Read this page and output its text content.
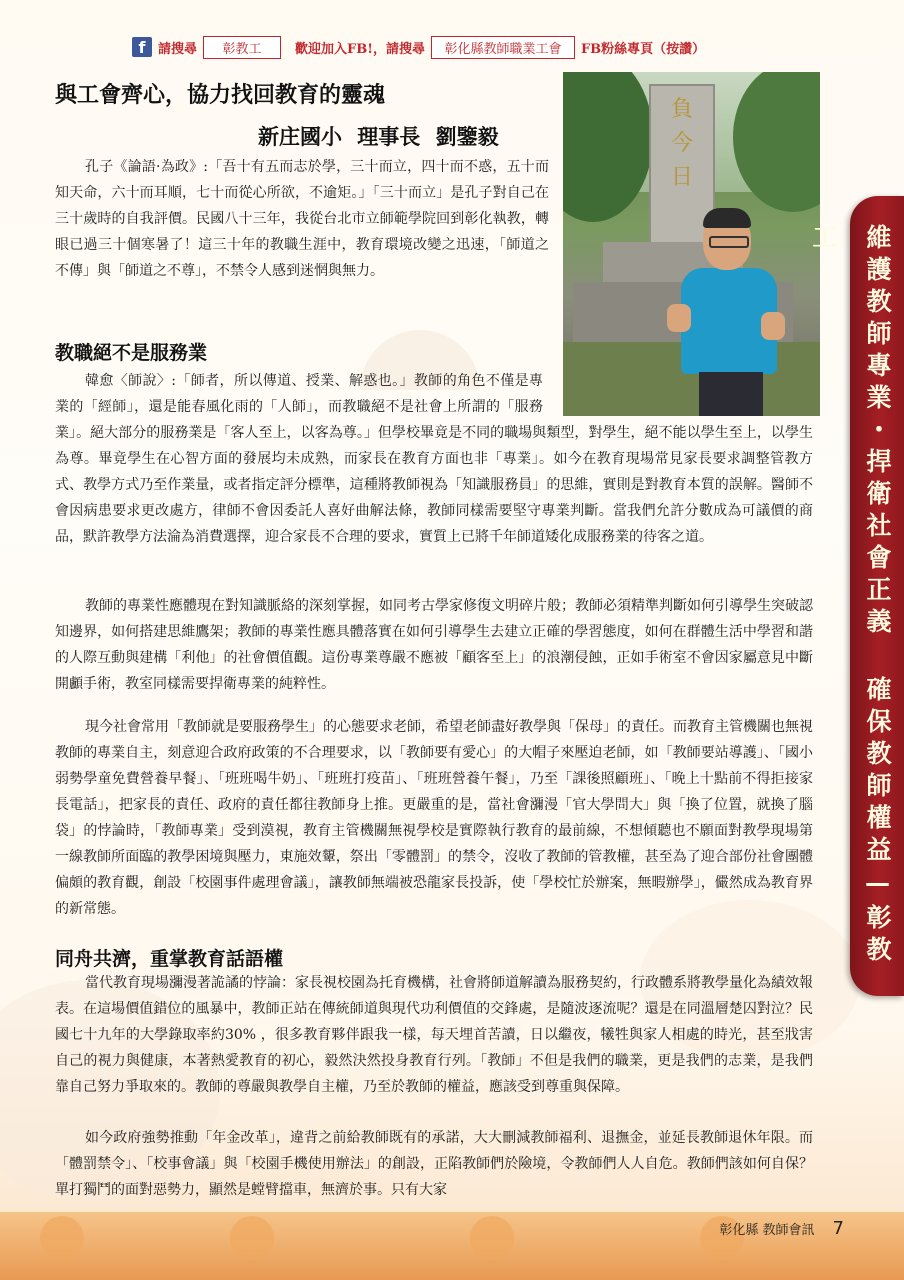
f 請搜尋	彰教工	歡迎加入FB!，請搜尋	彰化縣教師職業工會	FB粉絲專頁（按讚）
負
今
日
維護教師專業・捍衛社會正義 確保教師權益—彰教工
與工會齊心，協力找回教育的靈魂
新庄國小 理事長 劉鑒毅

孔子《論語·為政》:「吾十有五而志於學，三十而立，四十而不惑，五十而知天命，六十而耳順，七十而從心所欲，不逾矩。」「三十而立」是孔子對自己在三十歲時的自我評價。民國八十三年，我從台北市立師範學院回到彰化執教，轉眼已過三十個寒暑了！這三十年的教職生涯中，教育環境改變之迅速，「師道之不傳」與「師道之不尊」，不禁令人感到迷惘與無力。

教職絕不是服務業
韓愈〈師說〉:「師者，所以傳道、授業、解惑也。」教師的角色不僅是專業的「經師」，還是能春風化雨的「人師」，而教職絕不是社會上所謂的「服務業」。絕大部分的服務業是「客人至上，以客為尊。」但學校畢竟是不同的職場與類型，對學生，絕不能以學生至上，以學生為尊。畢竟學生在心智方面的發展均未成熟，而家長在教育方面也非「專業」。如今在教育現場常見家長要求調整管教方式、教學方式乃至作業量，或者指定評分標準，這種將教師視為「知識服務員」的思維，實則是對教育本質的誤解。醫師不會因病患要求更改處方，律師不會因委託人喜好曲解法條，教師同樣需要堅守專業判斷。當我們允許分數成為可議價的商品，默許教學方法淪為消費選擇，迎合家長不合理的要求，實質上已將千年師道矮化成服務業的待客之道。

教師的專業性應體現在對知識脈絡的深刻掌握，如同考古學家修復文明碎片般；教師必須精準判斷如何引導學生突破認知邊界，如何搭建思維鷹架；教師的專業性應具體落實在如何引導學生去建立正確的學習態度，如何在群體生活中學習和諧的人際互動與建構「利他」的社會價值觀。這份專業尊嚴不應被「顧客至上」的浪潮侵蝕，正如手術室不會因家屬意見中斷開顱手術，教室同樣需要捍衛專業的純粹性。

現今社會常用「教師就是要服務學生」的心態要求老師，希望老師盡好教學與「保母」的責任。而教育主管機關也無視教師的專業自主，刻意迎合政府政策的不合理要求，以「教師要有愛心」的大帽子來壓迫老師，如「教師要站導護」、「國小弱勢學童免費營養早餐」、「班班喝牛奶」、「班班打疫苗」、「班班營養午餐」，乃至「課後照顧班」、「晚上十點前不得拒接家長電話」，把家長的責任、政府的責任都往教師身上推。更嚴重的是，當社會瀰漫「官大學問大」與「換了位置，就換了腦袋」的悖論時，「教師專業」受到漠視，教育主管機關無視學校是實際執行教育的最前線，不想傾聽也不願面對教學現場第一線教師所面臨的教學困境與壓力，東施效顰，祭出「零體罰」的禁令，沒收了教師的管教權，甚至為了迎合部份社會團體偏頗的教育觀，創設「校園事件處理會議」，讓教師無端被恐龍家長投訴，使「學校忙於辦案，無暇辦學」，儼然成為教育界的新常態。

同舟共濟，重掌教育話語權

當代教育現場瀰漫著詭譎的悖論：家長視校園為托育機構，社會將師道解讀為服務契約，行政體系將教學量化為績效報表。在這場價值錯位的風暴中，教師正站在傳統師道與現代功利價值的交鋒處，是隨波逐流呢？還是在同溫層楚囚對泣？民國七十九年的大學錄取率約30% ，很多教育夥伴跟我一樣，每天埋首苦讀，日以繼夜，犧牲與家人相處的時光，甚至戕害自己的視力與健康，本著熱愛教育的初心，毅然決然投身教育行列。「教師」不但是我們的職業，更是我們的志業，是我們靠自己努力爭取來的。教師的尊嚴與教學自主權，乃至於教師的權益，應該受到尊重與保障。

如今政府強勢推動「年金改革」，違背之前給教師既有的承諾，大大刪減教師福利、退撫金，並延長教師退休年限。而「體罰禁令」、「校事會議」與「校園手機使用辦法」的創設，正陷教師們於險境，令教師們人人自危。教師們該如何自保？單打獨鬥的面對惡勢力，顯然是螳臂擋車，無濟於事。只有大家

彰化縣 教師會訊 7
